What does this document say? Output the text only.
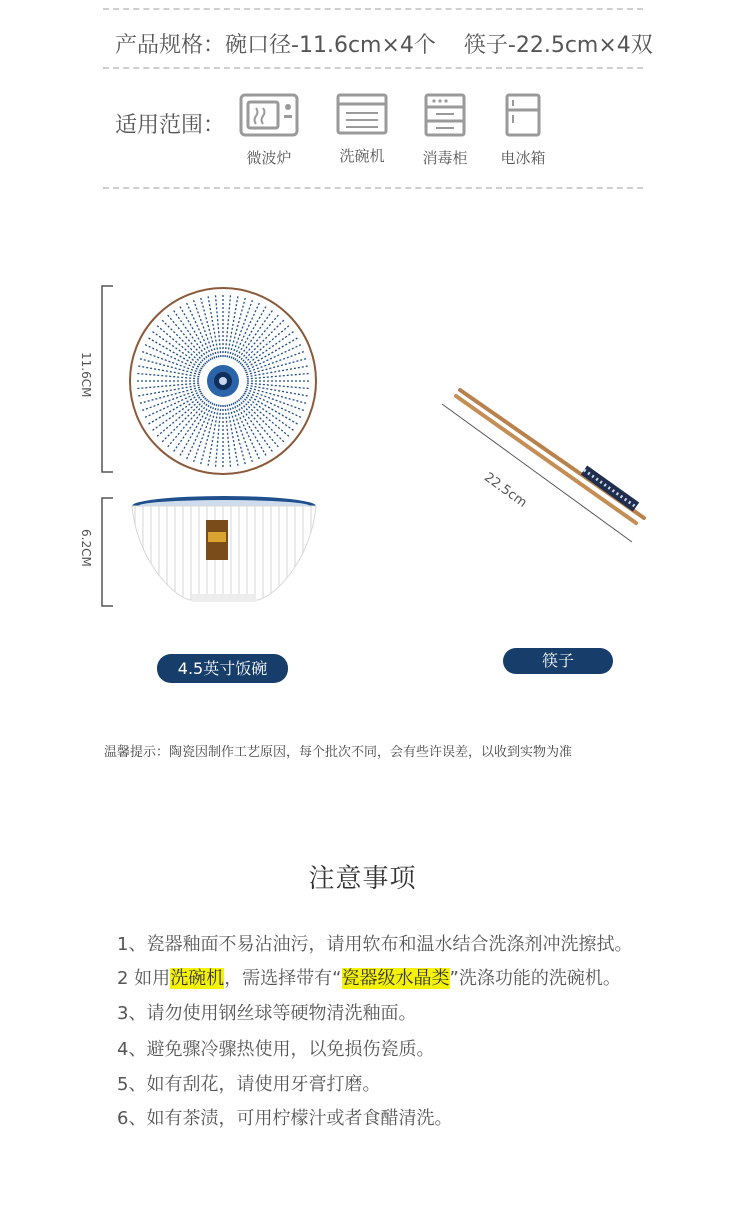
产品规格：碗口径-11.6cm×4个 筷子-22.5cm×4双
适用范围：
微波炉	洗碗机	消毒柜	电冰箱
11.6CM
6.2CM
22.5cm
4.5英寸饭碗	筷子
温馨提示：陶瓷因制作工艺原因，每个批次不同，会有些许误差，以收到实物为准
注意事项
1、瓷器釉面不易沾油污，请用软布和温水结合洗涤剂冲洗擦拭。
2 如用洗碗机，需选择带有“瓷器级水晶类”洗涤功能的洗碗机。
3、请勿使用钢丝球等硬物清洗釉面。
4、避免骤冷骤热使用，以免损伤瓷质。
5、如有刮花，请使用牙膏打磨。
6、如有茶渍，可用柠檬汁或者食醋清洗。
